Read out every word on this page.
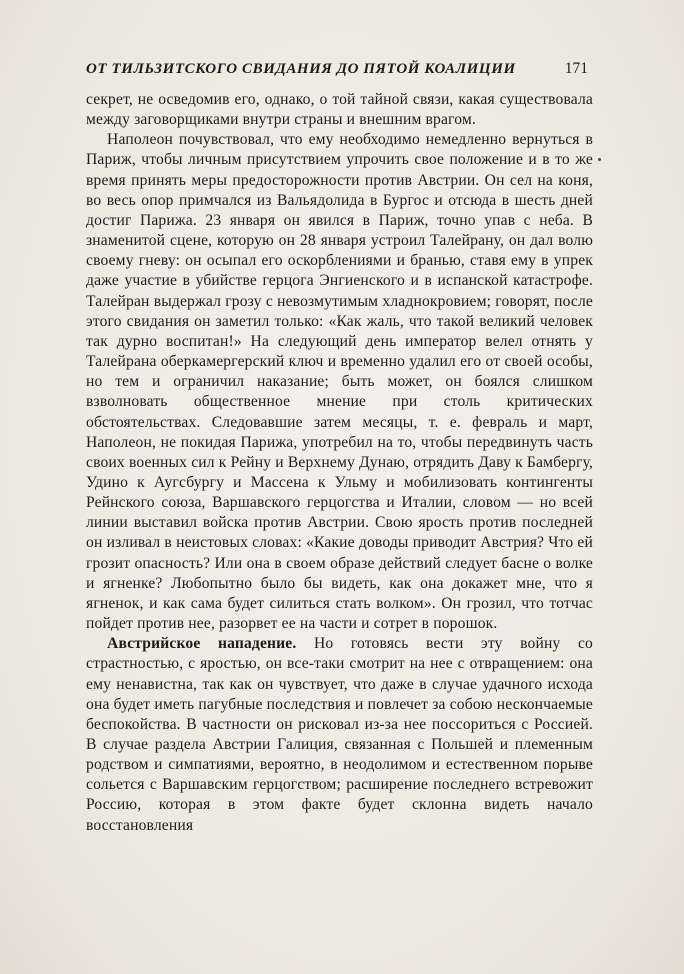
ОТ ТИЛЬЗИТСКОГО СВИДАНИЯ ДО ПЯТОЙ КОАЛИЦИИ	171

секрет, не осведомив его, однако, о той тайной связи, какая существовала между заговорщиками внутри страны и внешним врагом.

Наполеон почувствовал, что ему необходимо немедленно вернуться в Париж, чтобы личным присутствием упрочить свое положение и в то же время принять меры предосторожности против Австрии. Он сел на коня, во весь опор примчался из Вальядолида в Бургос и отсюда в шесть дней достиг Парижа. 23 января он явился в Париж, точно упав с неба. В знаменитой сцене, которую он 28 января устроил Талейрану, он дал волю своему гневу: он осыпал его оскорблениями и бранью, ставя ему в упрек даже участие в убийстве герцога Энгиенского и в испанской катастрофе. Талейран выдержал грозу с невозмутимым хладнокровием; говорят, после этого свидания он заметил только: «Как жаль, что такой великий человек так дурно воспитан!» На следующий день император велел отнять у Талейрана оберкамергерский ключ и временно удалил его от своей особы, но тем и ограничил наказание; быть может, он боялся слишком взволновать общественное мнение при столь критических обстоятельствах. Следовавшие затем месяцы, т. е. февраль и март, Наполеон, не покидая Парижа, употребил на то, чтобы передвинуть часть своих военных сил к Рейну и Верхнему Дунаю, отрядить Даву к Бамбергу, Удино к Аугсбургу и Массена к Ульму и мобилизовать контингенты Рейнского союза, Варшавского герцогства и Италии, словом — но всей линии выставил войска против Австрии. Свою ярость против последней он изливал в неистовых словах: «Какие доводы приводит Австрия? Что ей грозит опасность? Или она в своем образе действий следует басне о волке и ягненке? Любопытно было бы видеть, как она докажет мне, что я ягненок, и как сама будет силиться стать волком». Он грозил, что тотчас пойдет против нее, разорвет ее на части и сотрет в порошок.

Австрийское нападение. Но готовясь вести эту войну со страстностью, с яростью, он все-таки смотрит на нее с отвращением: она ему ненавистна, так как он чувствует, что даже в случае удачного исхода она будет иметь пагубные последствия и повлечет за собою нескончаемые беспокойства. В частности он рисковал из-за нее поссориться с Россией. В случае раздела Австрии Галиция, связанная с Польшей и племенным родством и симпатиями, вероятно, в неодолимом и естественном порыве сольется с Варшавским герцогством; расширение последнего встревожит Россию, которая в этом факте будет склонна видеть начало восстановления
